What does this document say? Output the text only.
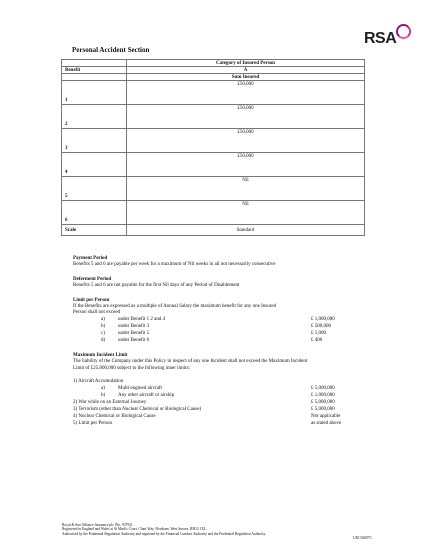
RSA
Personal Accident Section
	Category of Insured Person
Benefit	A
	Sum Insured
1	£50,000
2	£50,000
3	£50,000
4	£50,000
5	Nil
6	Nil
Scale	Standard
Payment Period
Benefits 5 and 6 are payable per week for a maximum of Nil weeks in all not necessarily consecutive
Deferment Period
Benefits 5 and 6 are not payable for the first Nil days of any Period of Disablement
Limit per Person
If the Benefits are expressed as a multiple of Annual Salary the maximum benefit for any one Insured
Person shall not exceed
a)	under Benefit 1 2 and 4	£ 1,000,000
b)	under Benefit 3	£ 500,000
c)	under Benefit 5	£ 1,000
d)	under Benefit 6	£ 400
Maximum Incident Limit
The liability of the Company under this Policy in respect of any one Incident shall not exceed the Maximum Incident
Limit of £25,000,000 subject to the following inner limits:
1) Aircraft Accumulation
a)	Multi engined aircraft	£ 5,000,000
b)	Any other aircraft or airship	£ 1,000,000
2) War while on an External Journey	£ 5,000,000
3) Terrorism (other than Nuclear Chemical or Biological Cause)	£ 5,000,000
4) Nuclear Chemical or Biological Cause	Not applicable
5) Limit per Person	as stated above
Royal & Sun Alliance Insurance plc (No. 93792)
Registered in England and Wales at St Mark's Court, Chart Way, Horsham, West Sussex, RH12 1XL.
Authorised by the Prudential Regulation Authority and regulated by the Financial Conduct Authority and the Prudential Regulation Authority.
UKC04007C
